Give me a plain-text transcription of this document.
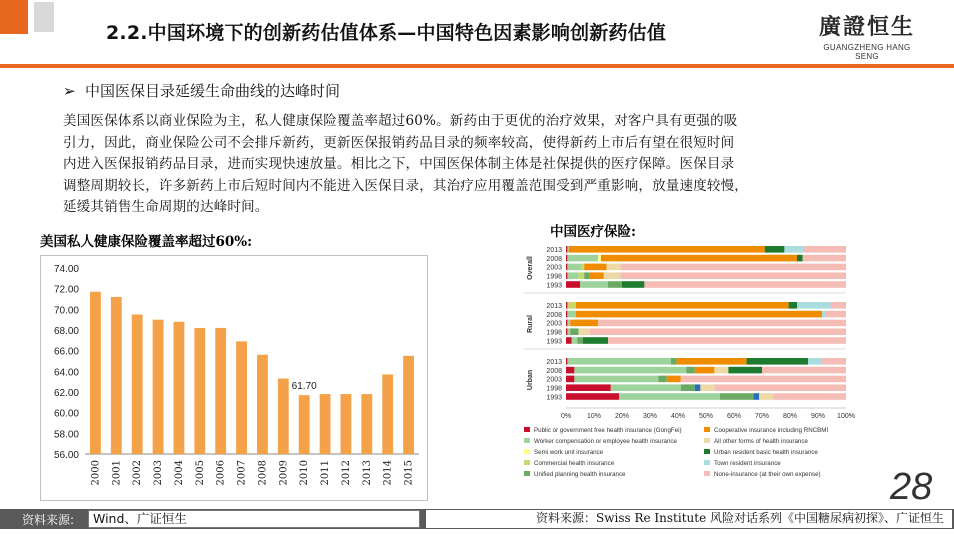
2.2.中国环境下的创新药估值体系—中国特色因素影响创新药估值	廣證恒生
GUANGZHENG HANG SENG
➢ 中国医保目录延缓生命曲线的达峰时间
美国医保体系以商业保险为主，私人健康保险覆盖率超过60%。新药由于更优的治疗效果，对客户具有更强的吸
引力，因此，商业保险公司不会排斥新药，更新医保报销药品目录的频率较高，使得新药上市后有望在很短时间
内进入医保报销药品目录，进而实现快速放量。相比之下，中国医保体制主体是社保提供的医疗保障。医保目录
调整周期较长，许多新药上市后短时间内不能进入医保目录，其治疗应用覆盖范围受到严重影响，放量速度较慢，
延缓其销售生命周期的达峰时间。
美国私人健康保险覆盖率超过60%:
中国医疗保险:
56.00
58.00
60.00
62.00
64.00
66.00
68.00
70.00
72.00
74.00
2000 2001 2002 2003 2004 2005 2006 2007 2008 2009 2010 2011 2012 2013 2014 2015
61.70
2013
2008
2003
1998
1993
Overall
2013
2008
2003
1998
1993
Rural
2013
2008
2003
1998
1993
Urban
0% 10% 20% 30% 40% 50% 60% 70% 80% 90% 100%
Public or government free health insurance (GongFei)
Worker compensation or employee health insurance
Semi work unit insurance
Commercial health insurance
Unified planning health insurance
Cooperative insurance including RNCBMI
All other forms of health insurance
Urban resident basic health insurance
Town resident insurance
None-insurance (at their own expense) 28
资料来源:	Wind、广证恒生	资料来源：Swiss Re Institute 风险对话系列《中国糖尿病初探》、广证恒生
